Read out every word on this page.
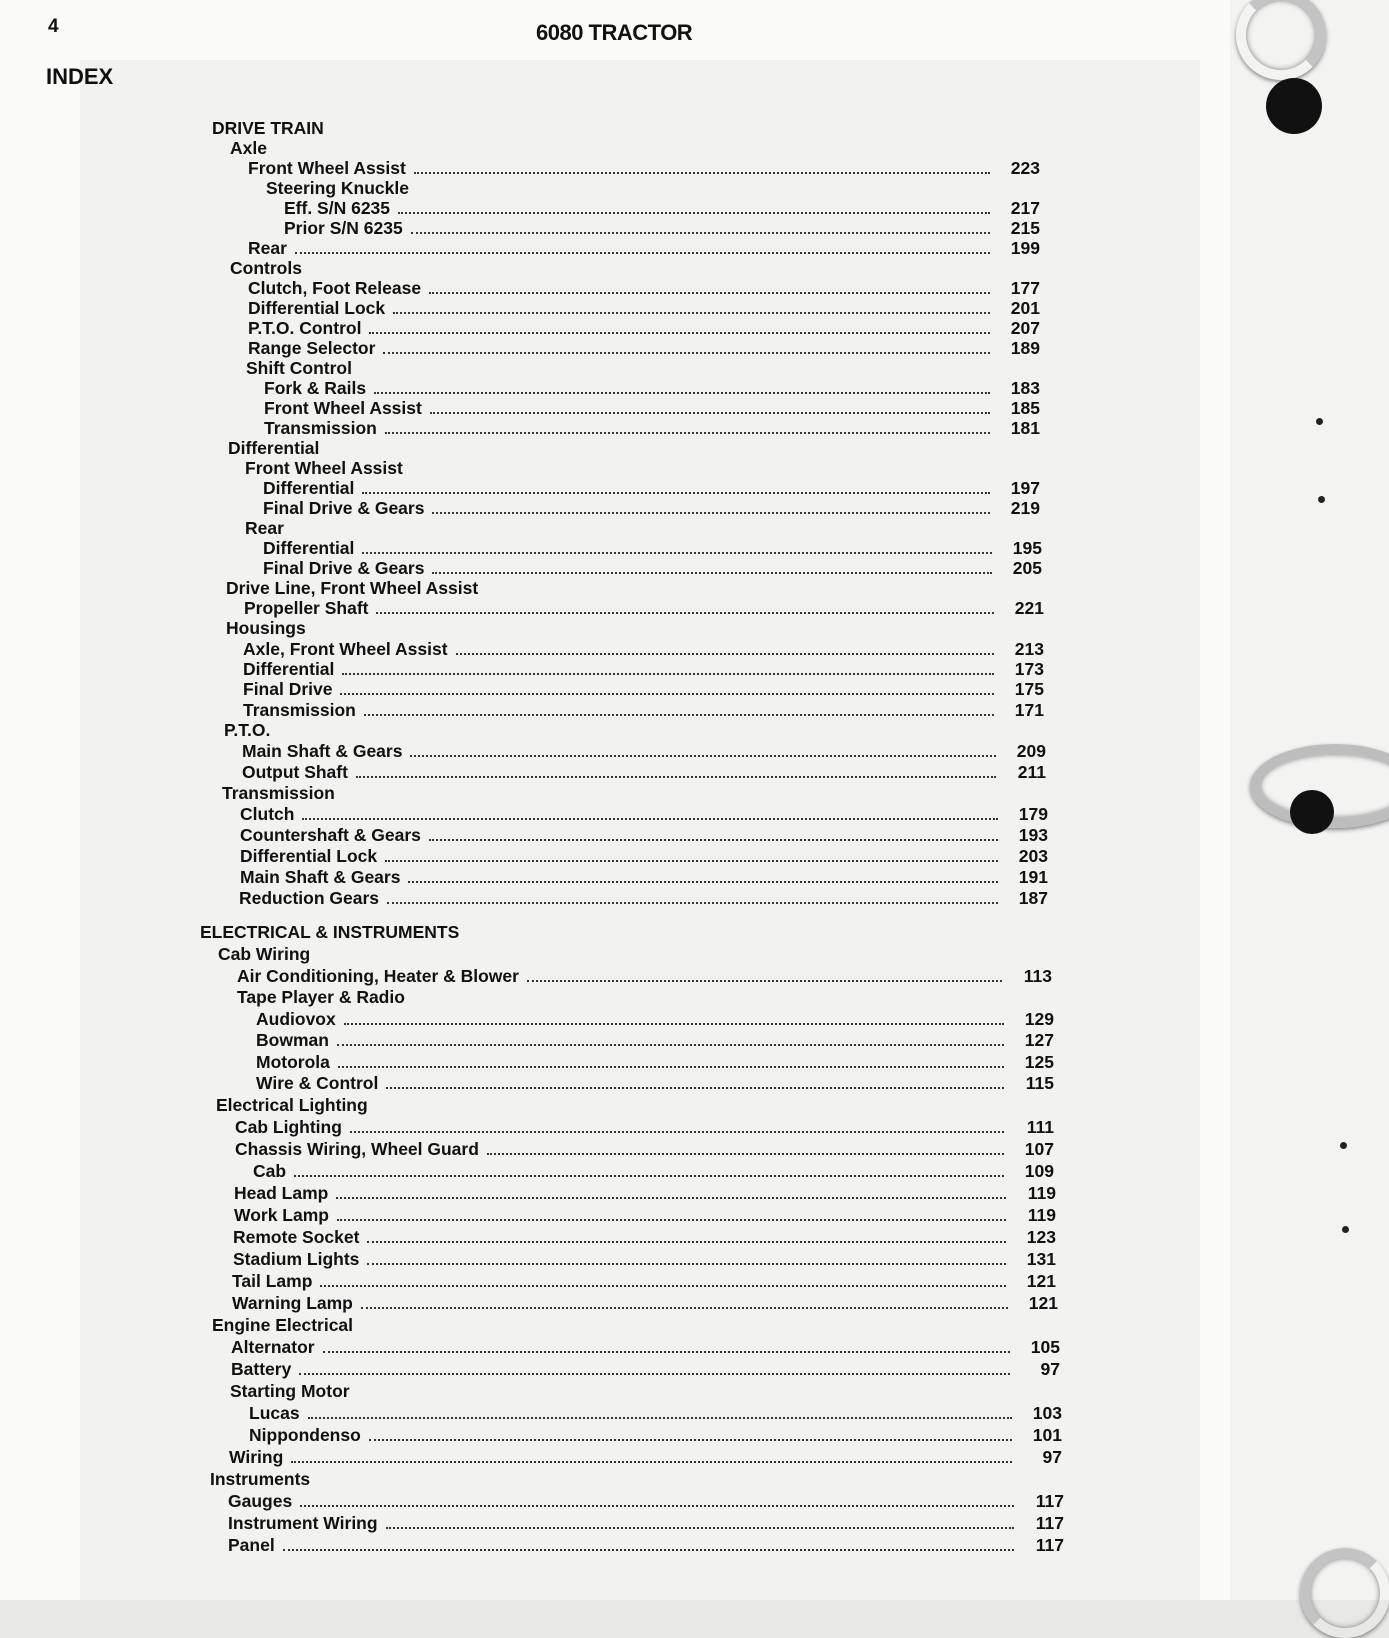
4	6080 TRACTOR
INDEX
DRIVE TRAIN
Axle
Front Wheel Assist	223
Steering Knuckle
Eff. S/N 6235	217
Prior S/N 6235	215
Rear	199
Controls
Clutch, Foot Release	177
Differential Lock	201
P.T.O. Control	207
Range Selector	189
Shift Control
Fork & Rails	183
Front Wheel Assist	185
Transmission	181
Differential
Front Wheel Assist
Differential	197
Final Drive & Gears	219
Rear
Differential	195
Final Drive & Gears	205
Drive Line, Front Wheel Assist
Propeller Shaft	221
Housings
Axle, Front Wheel Assist	213
Differential	173
Final Drive	175
Transmission	171
P.T.O.
Main Shaft & Gears	209
Output Shaft	211
Transmission
Clutch	179
Countershaft & Gears	193
Differential Lock	203
Main Shaft & Gears	191
Reduction Gears	187
ELECTRICAL & INSTRUMENTS
Cab Wiring
Air Conditioning, Heater & Blower	113
Tape Player & Radio
Audiovox	129
Bowman	127
Motorola	125
Wire & Control	115
Electrical Lighting
Cab Lighting	111
Chassis Wiring, Wheel Guard	107
Cab	109
Head Lamp	119
Work Lamp	119
Remote Socket	123
Stadium Lights	131
Tail Lamp	121
Warning Lamp	121
Engine Electrical
Alternator	105
Battery	97
Starting Motor
Lucas	103
Nippondenso	101
Wiring	97
Instruments
Gauges	117
Instrument Wiring	117
Panel	117
